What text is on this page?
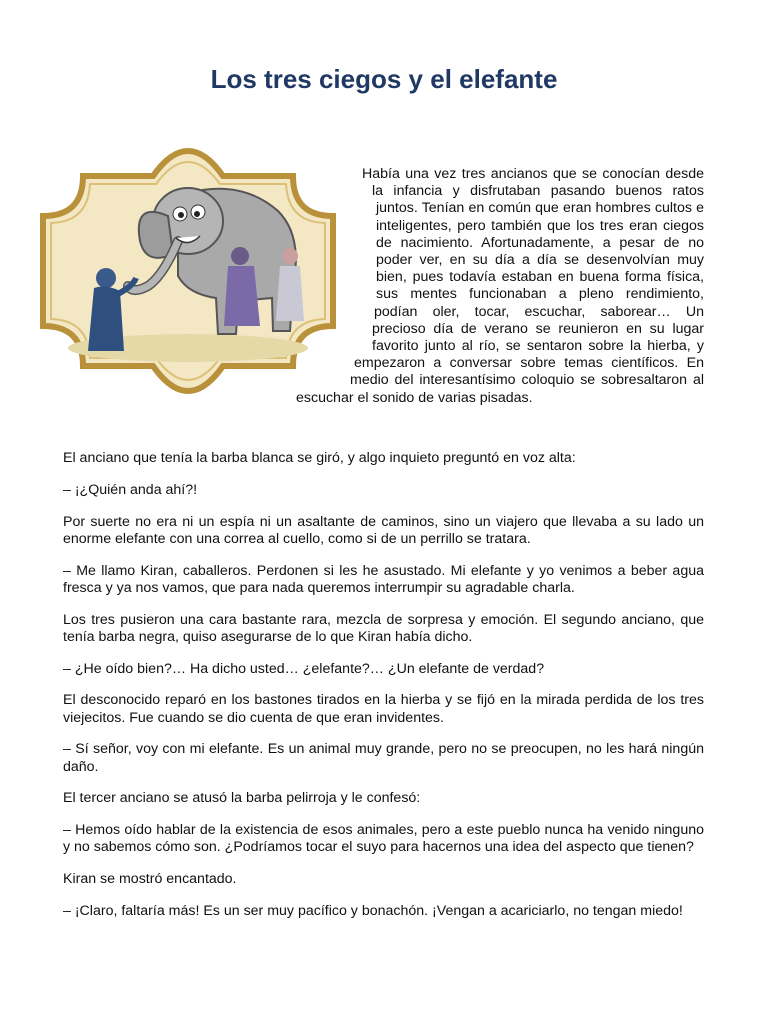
Los tres ciegos y el elefante

Había una vez tres ancianos que se conocían desde la infancia y disfrutaban pasando buenos ratos juntos. Tenían en común que eran hombres cultos e inteligentes, pero también que los tres eran ciegos de nacimiento. Afortunadamente, a pesar de no poder ver, en su día a día se desenvolvían muy bien, pues todavía estaban en buena forma física, sus mentes funcionaban a pleno rendimiento, podían oler, tocar, escuchar, saborear… Un precioso día de verano se reunieron en su lugar favorito junto al río, se sentaron sobre la hierba, y empezaron a conversar sobre temas científicos. En medio del interesantísimo coloquio se sobresaltaron al escuchar el sonido de varias pisadas.

El anciano que tenía la barba blanca se giró, y algo inquieto preguntó en voz alta:

– ¡¿Quién anda ahí?!

Por suerte no era ni un espía ni un asaltante de caminos, sino un viajero que llevaba a su lado un enorme elefante con una correa al cuello, como si de un perrillo se tratara.

– Me llamo Kiran, caballeros. Perdonen si les he asustado. Mi elefante y yo venimos a beber agua fresca y ya nos vamos, que para nada queremos interrumpir su agradable charla.

Los tres pusieron una cara bastante rara, mezcla de sorpresa y emoción. El segundo anciano, que tenía barba negra, quiso asegurarse de lo que Kiran había dicho.

– ¿He oído bien?… Ha dicho usted… ¿elefante?… ¿Un elefante de verdad?

El desconocido reparó en los bastones tirados en la hierba y se fijó en la mirada perdida de los tres viejecitos. Fue cuando se dio cuenta de que eran invidentes.

– Sí señor, voy con mi elefante. Es un animal muy grande, pero no se preocupen, no les hará ningún daño.

El tercer anciano se atusó la barba pelirroja y le confesó:

– Hemos oído hablar de la existencia de esos animales, pero a este pueblo nunca ha venido ninguno y no sabemos cómo son. ¿Podríamos tocar el suyo para hacernos una idea del aspecto que tienen?

Kiran se mostró encantado.

– ¡Claro, faltaría más! Es un ser muy pacífico y bonachón. ¡Vengan a acariciarlo, no tengan miedo!
